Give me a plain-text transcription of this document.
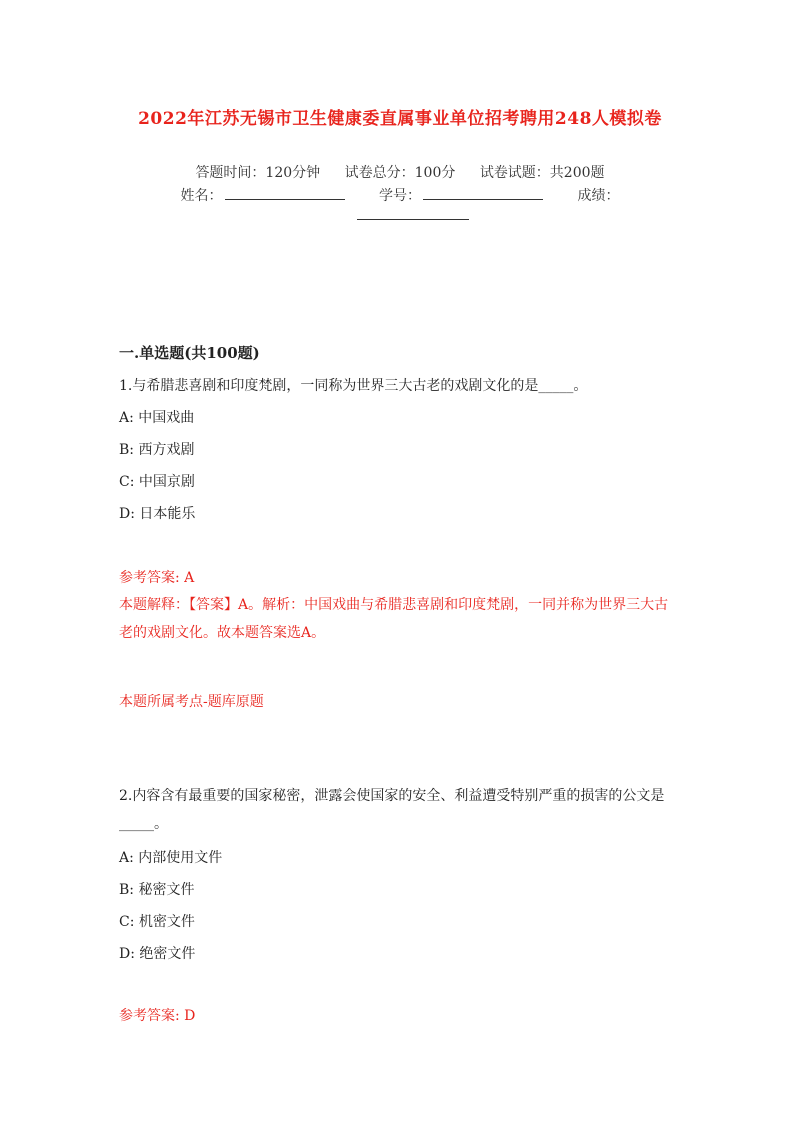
2022年江苏无锡市卫生健康委直属事业单位招考聘用248人模拟卷
答题时间：120分钟 试卷总分：100分 试卷试题：共200题
姓名：	学号：	成绩：
一.单选题(共100题)
1.与希腊悲喜剧和印度梵剧，一同称为世界三大古老的戏剧文化的是_____。
A: 中国戏曲
B: 西方戏剧
C: 中国京剧
D: 日本能乐
参考答案: A
本题解释：【答案】A。解析：中国戏曲与希腊悲喜剧和印度梵剧，一同并称为世界三大古老的戏剧文化。故本题答案选A。
本题所属考点-题库原题
2.内容含有最重要的国家秘密，泄露会使国家的安全、利益遭受特别严重的损害的公文是_____。
A: 内部使用文件
B: 秘密文件
C: 机密文件
D: 绝密文件
参考答案: D
